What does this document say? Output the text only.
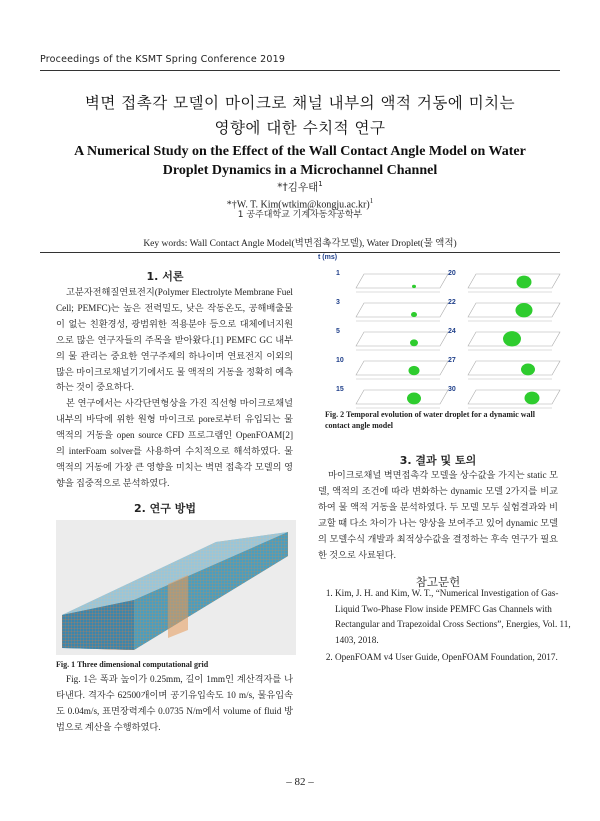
Proceedings of the KSMT Spring Conference 2019
벽면 접촉각 모델이 마이크로 채널 내부의 액적 거동에 미치는
영향에 대한 수치적 연구
A Numerical Study on the Effect of the Wall Contact Angle Model on Water
Droplet Dynamics in a Microchannel Channel
*†김우태$^1$
*†W. T. Kim(wtkim@kongju.ac.kr)$^1$
1 공주대학교 기계자동차공학부
Key words: Wall Contact Angle Model(벽면접촉각모델), Water Droplet(물 액적)
1. 서론

고분자전해질연료전지(Polymer Electrolyte Membrane Fuel Cell; PEMFC)는 높은 전력밀도, 낮은 작동온도, 공해배출물이 없는 친환경성, 광범위한 적용분야 등으로 대체에너지원으로 많은 연구자들의 주목을 받아왔다.[1] PEMFC GC 내부의 물 관리는 중요한 연구주제의 하나이며 연료전지 이외의 많은 마이크로채널기기에서도 물 액적의 거동을 정확히 예측하는 것이 중요하다.

본 연구에서는 사각단면형상을 가진 직선형 마이크로채널 내부의 바닥에 위한 원형 마이크로 pore로부터 유입되는 물 액적의 거동을 open source CFD 프로그램인 OpenFOAM[2]의 interFoam solver를 사용하여 수치적으로 해석하였다. 물 액적의 거동에 가장 큰 영향을 미치는 벽면 접촉각 모델의 영향을 집중적으로 분석하였다.

2. 연구 방법
Fig. 1 Three dimensional computational grid

Fig. 1은 폭과 높이가 0.25mm, 길이 1mm인 계산격자를 나타낸다. 격자수 62500개이며 공기유입속도 10 m/s, 물유입속도 0.04m/s, 표면장력계수 0.0735 N/m에서 volume of fluid 방법으로 계산을 수행하였다.

t (ms)
1
3
5
10
15
20
22
24
27
30
Fig. 2 Temporal evolution of water droplet for a dynamic wall contact angle model
3. 결과 및 토의

마이크로채널 벽면접촉각 모델을 상수값을 가지는 static 모델, 액적의 조건에 따라 변화하는 dynamic 모델 2가지를 비교하여 물 액적 거동을 분석하였다. 두 모델 모두 실험결과와 비교할 때 다소 차이가 나는 양상을 보여주고 있어 dynamic 모델의 모델수식 개발과 최적상수값을 결정하는 후속 연구가 필요한 것으로 사료된다.

참고문헌
1. Kim, J. H. and Kim, W. T., “Numerical Investigation of Gas-Liquid Two-Phase Flow inside PEMFC Gas Channels with Rectangular and Trapezoidal Cross Sections”, Energies, Vol. 11, 1403, 2018.
2. OpenFOAM v4 User Guide, OpenFOAM Foundation, 2017.
– 82 –
